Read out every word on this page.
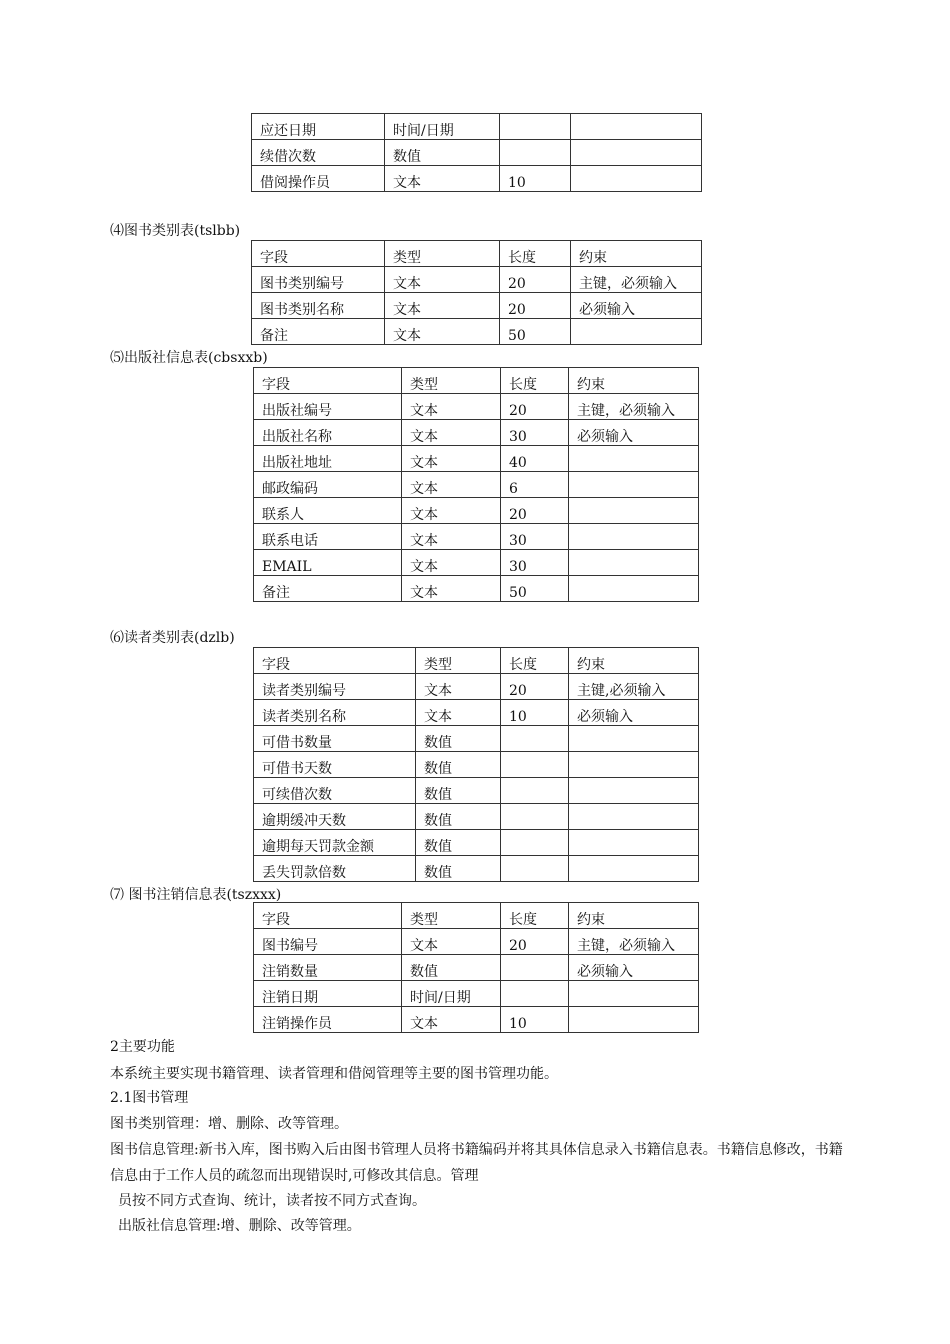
应还日期	时间/日期		
续借次数	数值		
借阅操作员	文本	10	
⑷图书类别表(tslbb)
字段	类型	长度	约束
图书类别编号	文本	20	主键，必须输入
图书类别名称	文本	20	必须输入
备注	文本	50	
⑸出版社信息表(cbsxxb)
字段	类型	长度	约束
出版社编号	文本	20	主键，必须输入
出版社名称	文本	30	必须输入
出版社地址	文本	40	
邮政编码	文本	6	
联系人	文本	20	
联系电话	文本	30	
EMAIL	文本	30	
备注	文本	50	
⑹读者类别表(dzlb)
字段	类型	长度	约束
读者类别编号	文本	20	主键,必须输入
读者类别名称	文本	10	必须输入
可借书数量	数值		
可借书天数	数值		
可续借次数	数值		
逾期缓冲天数	数值		
逾期每天罚款金额	数值		
丢失罚款倍数	数值		
⑺ 图书注销信息表(tszxxx)
字段	类型	长度	约束
图书编号	文本	20	主键，必须输入
注销数量	数值		必须输入
注销日期	时间/日期		
注销操作员	文本	10	
2主要功能
本系统主要实现书籍管理、读者管理和借阅管理等主要的图书管理功能。
2.1图书管理
图书类别管理：增、删除、改等管理。
图书信息管理:新书入库，图书购入后由图书管理人员将书籍编码并将其具体信息录入书籍信息表。书籍信息修改，书籍信息由于工作人员的疏忽而出现错误时,可修改其信息。管理
员按不同方式查询、统计，读者按不同方式查询。
出版社信息管理:增、删除、改等管理。
